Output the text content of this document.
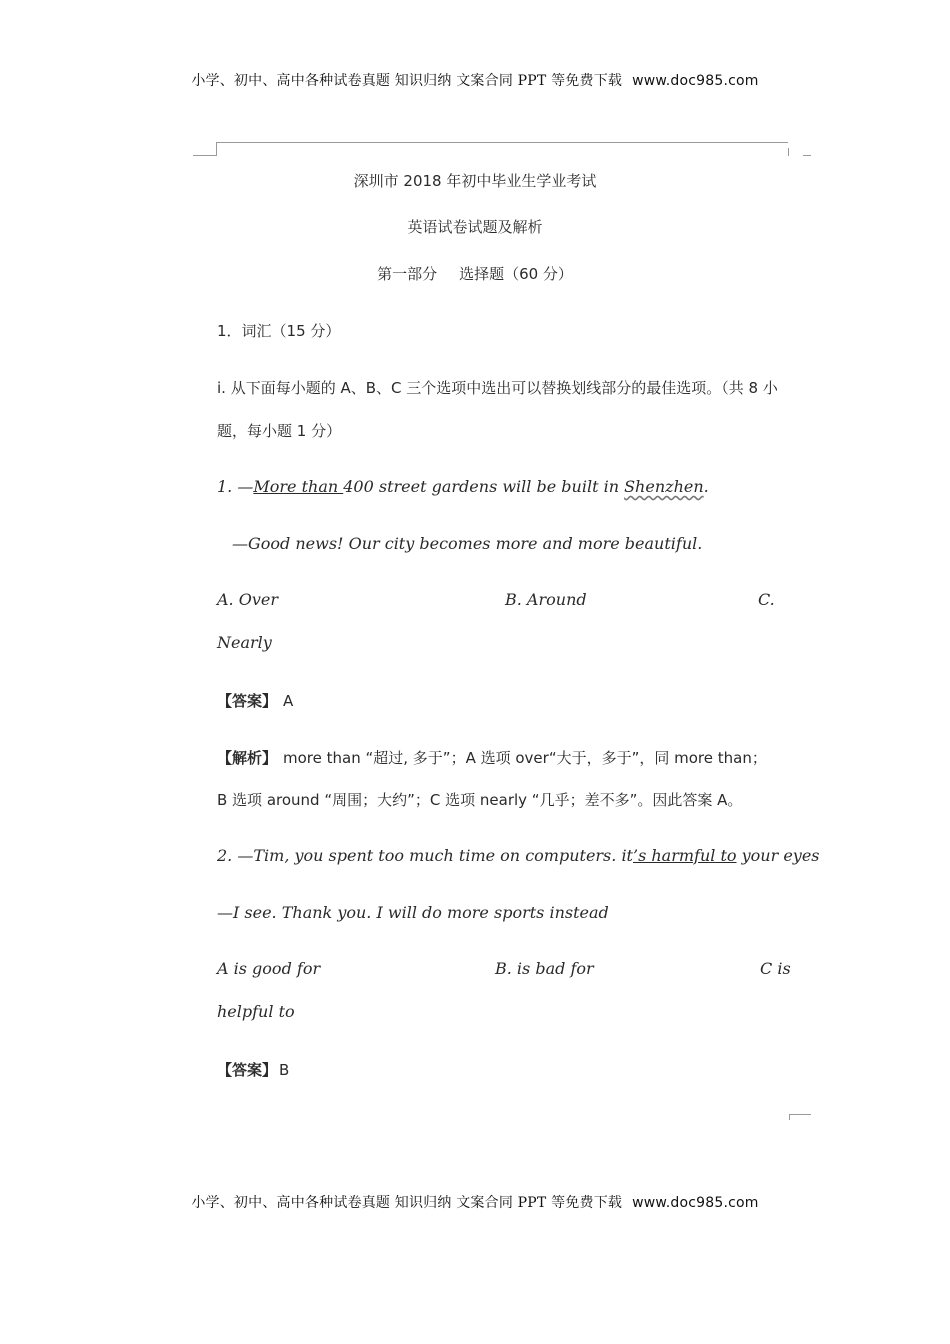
小学、初中、高中各种试卷真题 知识归纳 文案合同 PPT 等免费下载 www.doc985.com
深圳市 2018 年初中毕业生学业考试
英语试卷试题及解析
第一部分 选择题（60 分）
1．词汇（15 分）
i. 从下面每小题的 A、B、C 三个选项中选出可以替换划线部分的最佳选项。（共 8 小
题，每小题 1 分）
1. —More than 400 street gardens will be built in Shenzhen.
—Good news! Our city becomes more and more beautiful.
A. Over	B. Around	C.
Nearly
【答案】 A
【解析】 more than “超过, 多于”；A 选项 over“大于，多于”，同 more than；
B 选项 around “周围；大约”；C 选项 nearly “几乎；差不多”。因此答案 A。
2. —Tim, you spent too much time on computers. it’s harmful to your eyes
—I see. Thank you. I will do more sports instead
A is good for	B. is bad for	C is
helpful to
【答案】 B
小学、初中、高中各种试卷真题 知识归纳 文案合同 PPT 等免费下载 www.doc985.com
